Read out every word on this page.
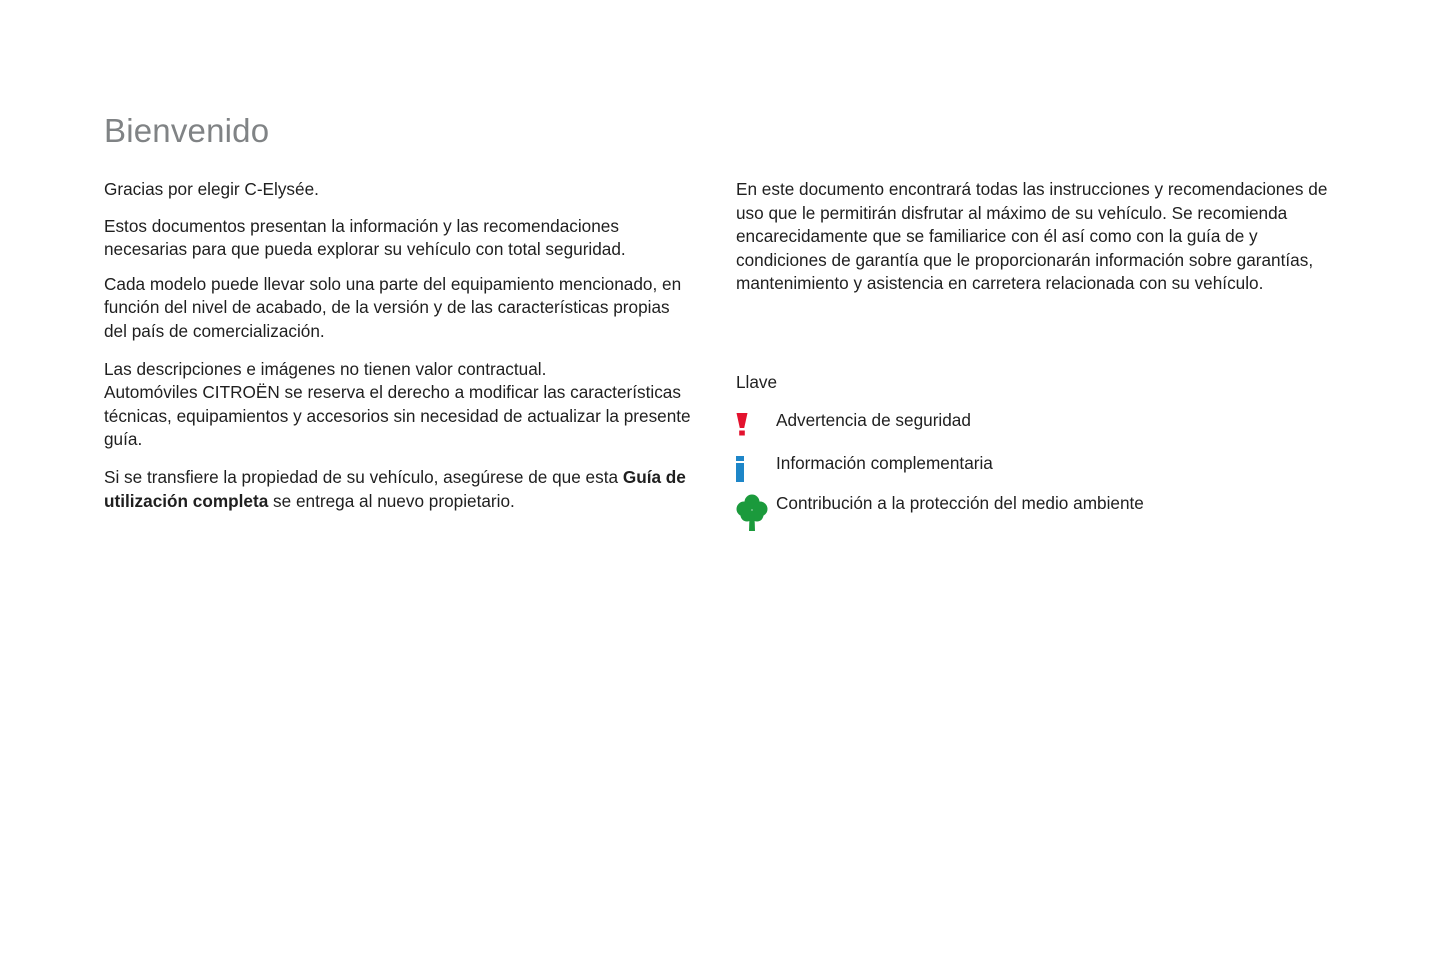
Bienvenido

Gracias por elegir C-Elysée.

Estos documentos presentan la información y las recomendaciones necesarias para que pueda explorar su vehículo con total seguridad.

Cada modelo puede llevar solo una parte del equipamiento mencionado, en función del nivel de acabado, de la versión y de las características propias del país de comercialización.

Las descripciones e imágenes no tienen valor contractual.

Automóviles CITROËN se reserva el derecho a modificar las características técnicas, equipamientos y accesorios sin necesidad de actualizar la presente guía.

Si se transfiere la propiedad de su vehículo, asegúrese de que esta Guía de utilización completa se entrega al nuevo propietario.

En este documento encontrará todas las instrucciones y recomendaciones de uso que le permitirán disfrutar al máximo de su vehículo. Se recomienda encarecidamente que se familiarice con él así como con la guía de y condiciones de garantía que le proporcionarán información sobre garantías, mantenimiento y asistencia en carretera relacionada con su vehículo.

Llave

Advertencia de seguridad
Información complementaria
Contribución a la protección del medio ambiente
